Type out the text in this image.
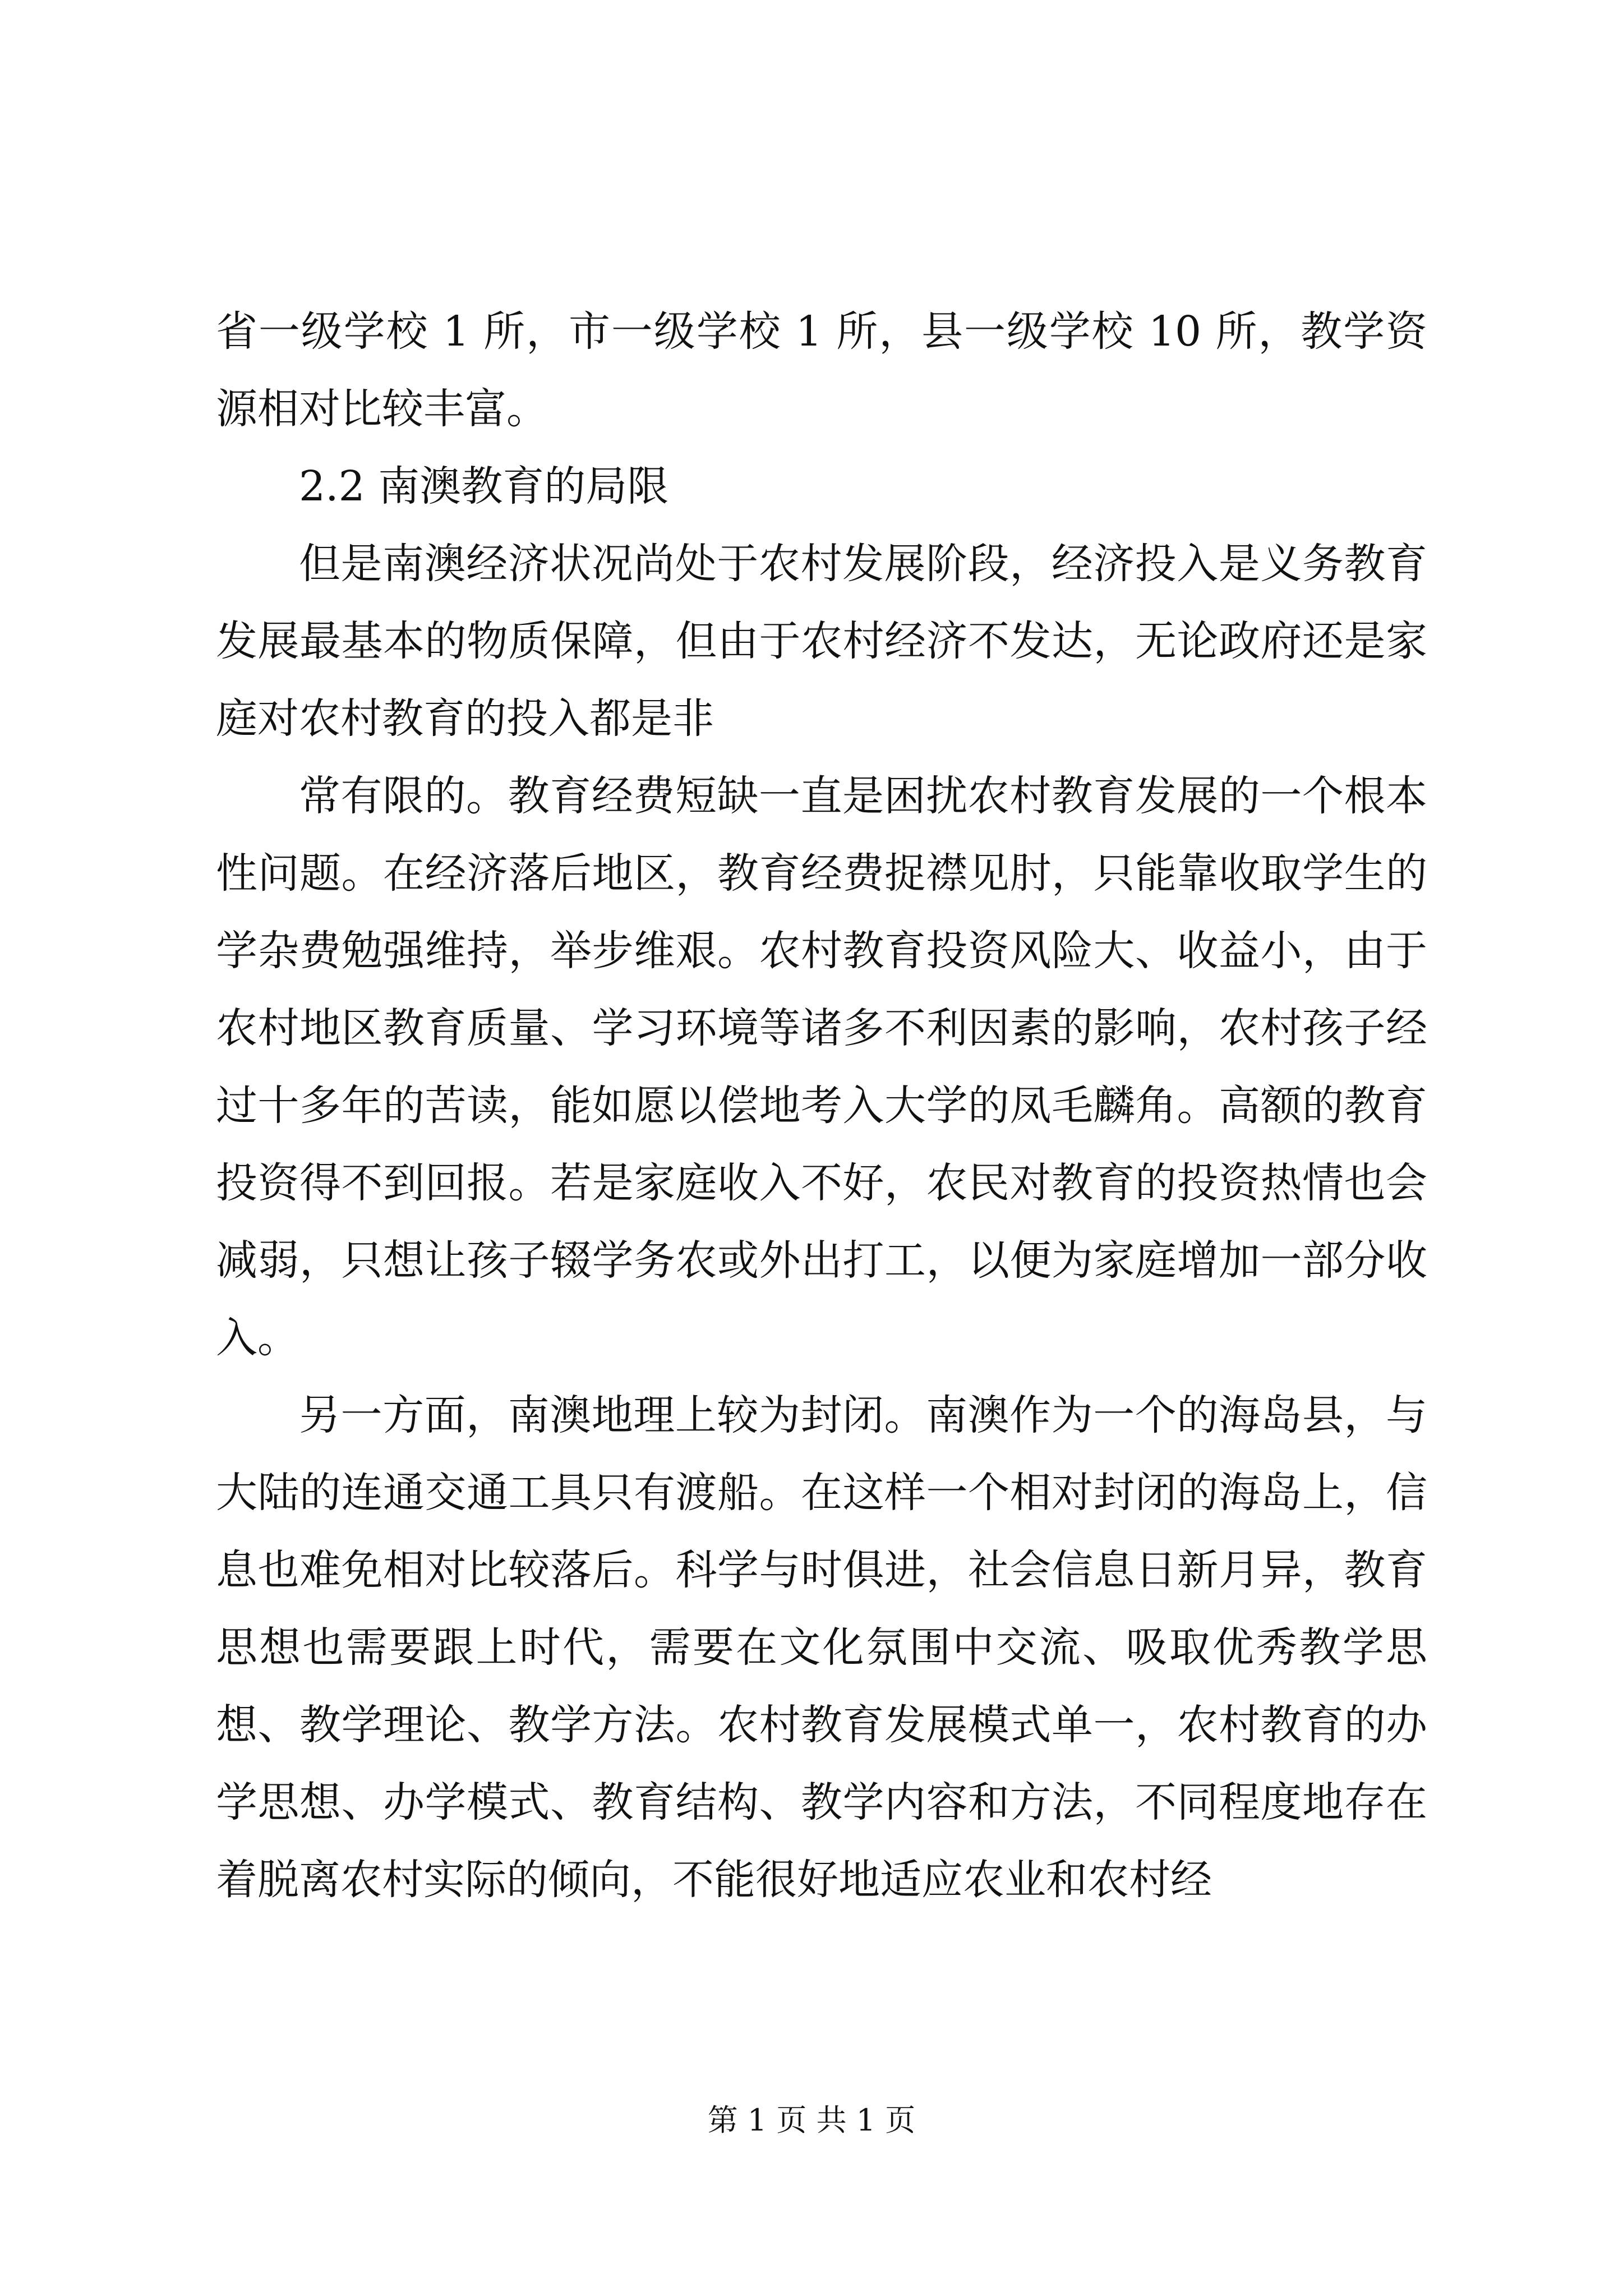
省一级学校 1 所，市一级学校 1 所，县一级学校 10 所，教学资源相对比较丰富。

2.2 南澳教育的局限

但是南澳经济状况尚处于农村发展阶段，经济投入是义务教育发展最基本的物质保障，但由于农村经济不发达，无论政府还是家庭对农村教育的投入都是非

常有限的。教育经费短缺一直是困扰农村教育发展的一个根本性问题。在经济落后地区，教育经费捉襟见肘，只能靠收取学生的学杂费勉强维持，举步维艰。农村教育投资风险大、收益小，由于农村地区教育质量、学习环境等诸多不利因素的影响，农村孩子经过十多年的苦读，能如愿以偿地考入大学的凤毛麟角。高额的教育投资得不到回报。若是家庭收入不好，农民对教育的投资热情也会减弱，只想让孩子辍学务农或外出打工，以便为家庭增加一部分收入。

另一方面，南澳地理上较为封闭。南澳作为一个的海岛县，与大陆的连通交通工具只有渡船。在这样一个相对封闭的海岛上，信息也难免相对比较落后。科学与时俱进，社会信息日新月异，教育思想也需要跟上时代，需要在文化氛围中交流、吸取优秀教学思想、教学理论、教学方法。农村教育发展模式单一，农村教育的办学思想、办学模式、教育结构、教学内容和方法，不同程度地存在着脱离农村实际的倾向，不能很好地适应农业和农村经

第 1 页 共 1 页
